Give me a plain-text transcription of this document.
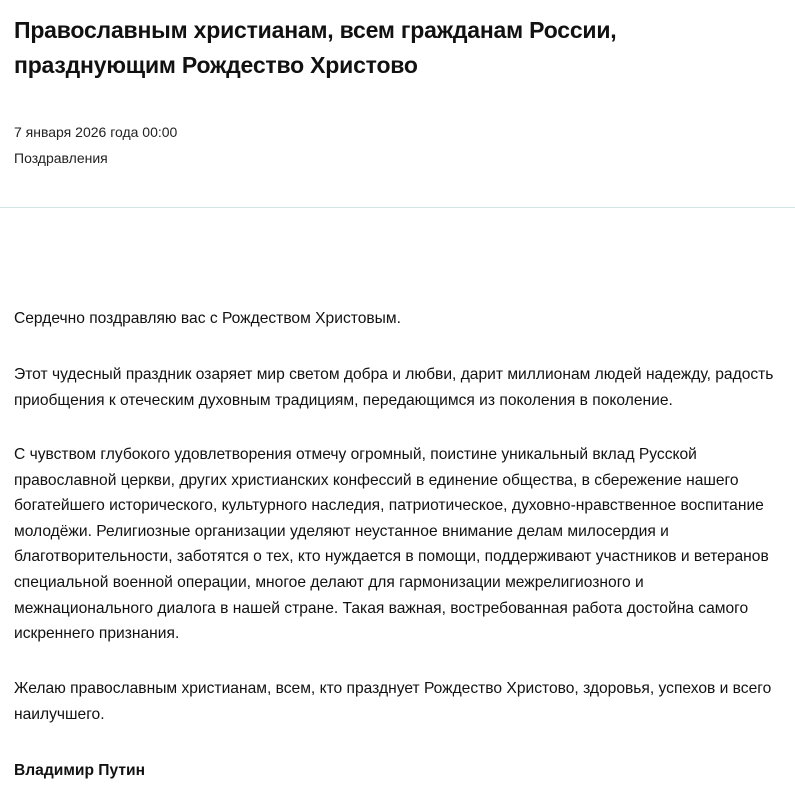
Православным христианам, всем гражданам России, празднующим Рождество Христово
7 января 2026 года 00:00
Поздравления

Сердечно поздравляю вас с Рождеством Христовым.

Этот чудесный праздник озаряет мир светом добра и любви, дарит миллионам людей надежду, радость приобщения к отеческим духовным традициям, передающимся из поколения в поколение.

С чувством глубокого удовлетворения отмечу огромный, поистине уникальный вклад Русской православной церкви, других христианских конфессий в единение общества, в сбережение нашего богатейшего исторического, культурного наследия, патриотическое, духовно-нравственное воспитание молодёжи. Религиозные организации уделяют неустанное внимание делам милосердия и благотворительности, заботятся о тех, кто нуждается в помощи, поддерживают участников и ветеранов специальной военной операции, многое делают для гармонизации межрелигиозного и межнационального диалога в нашей стране. Такая важная, востребованная работа достойна самого искреннего признания.

Желаю православным христианам, всем, кто празднует Рождество Христово, здоровья, успехов и всего наилучшего.

Владимир Путин
